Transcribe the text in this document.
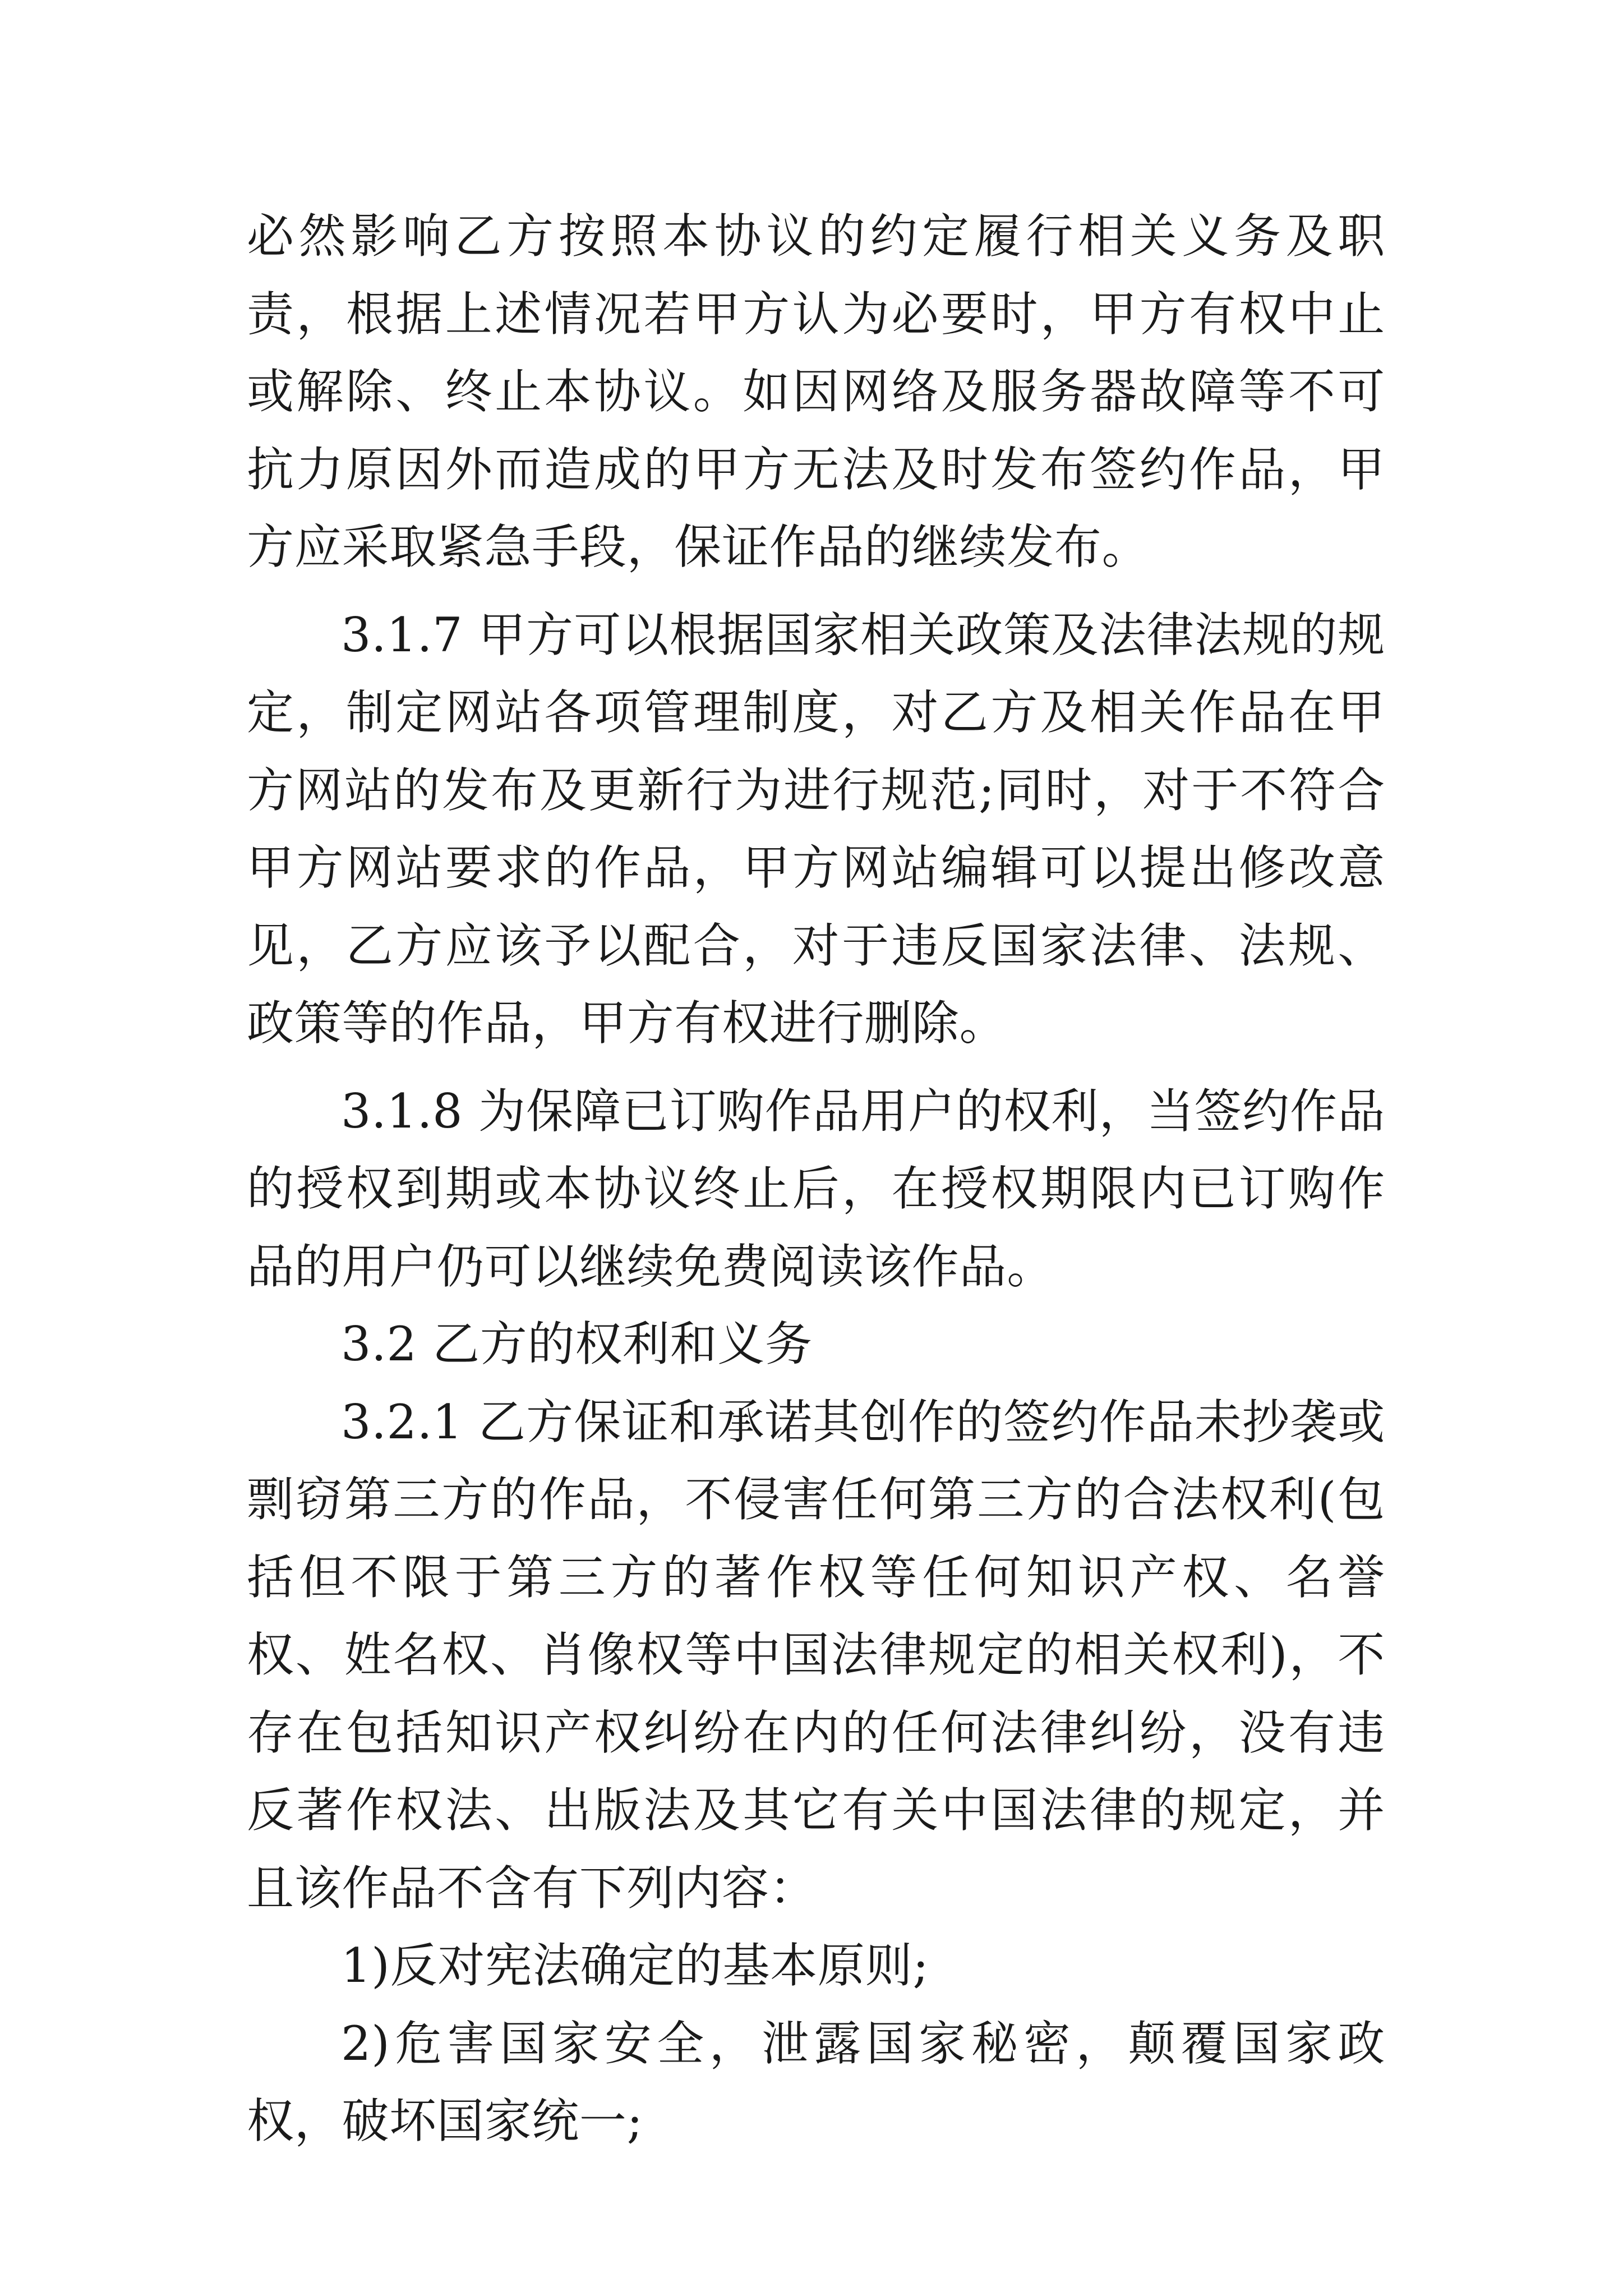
必然影响乙方按照本协议的约定履行相关义务及职责，根据上述情况若甲方认为必要时，甲方有权中止或解除、终止本协议。如因网络及服务器故障等不可抗力原因外而造成的甲方无法及时发布签约作品，甲方应采取紧急手段，保证作品的继续发布。

3.1.7 甲方可以根据国家相关政策及法律法规的规定，制定网站各项管理制度，对乙方及相关作品在甲方网站的发布及更新行为进行规范;同时，对于不符合甲方网站要求的作品，甲方网站编辑可以提出修改意见，乙方应该予以配合，对于违反国家法律、法规、政策等的作品，甲方有权进行删除。

3.1.8 为保障已订购作品用户的权利，当签约作品的授权到期或本协议终止后，在授权期限内已订购作品的用户仍可以继续免费阅读该作品。

3.2 乙方的权利和义务

3.2.1 乙方保证和承诺其创作的签约作品未抄袭或剽窃第三方的作品，不侵害任何第三方的合法权利(包括但不限于第三方的著作权等任何知识产权、名誉权、姓名权、肖像权等中国法律规定的相关权利)，不存在包括知识产权纠纷在内的任何法律纠纷，没有违反著作权法、出版法及其它有关中国法律的规定，并且该作品不含有下列内容：

1)反对宪法确定的基本原则;

2)危害国家安全，泄露国家秘密，颠覆国家政权，破坏国家统一;
